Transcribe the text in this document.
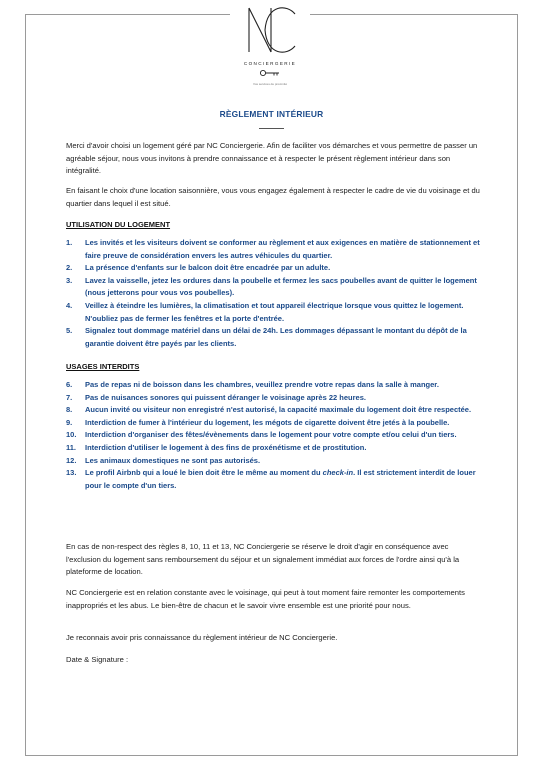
CONCIERGERIE
Vos services de proximité
RÈGLEMENT INTÉRIEUR

Merci d'avoir choisi un logement géré par NC Conciergerie. Afin de faciliter vos démarches et vous permettre de passer un agréable séjour, nous vous invitons à prendre connaissance et à respecter le présent règlement intérieur dans son intégralité.

En faisant le choix d'une location saisonnière, vous vous engagez également à respecter le cadre de vie du voisinage et du quartier dans lequel il est situé.

UTILISATION DU LOGEMENT
1. Les invités et les visiteurs doivent se conformer au règlement et aux exigences en matière de stationnement et faire preuve de considération envers les autres véhicules du quartier.
2. La présence d'enfants sur le balcon doit être encadrée par un adulte.
3. Lavez la vaisselle, jetez les ordures dans la poubelle et fermez les sacs poubelles avant de quitter le logement (nous jetterons pour vous vos poubelles).
4. Veillez à éteindre les lumières, la climatisation et tout appareil électrique lorsque vous quittez le logement. N'oubliez pas de fermer les fenêtres et la porte d'entrée.
5. Signalez tout dommage matériel dans un délai de 24h. Les dommages dépassant le montant du dépôt de la garantie doivent être payés par les clients.
USAGES INTERDITS
6. Pas de repas ni de boisson dans les chambres, veuillez prendre votre repas dans la salle à manger.
7. Pas de nuisances sonores qui puissent déranger le voisinage après 22 heures.
8. Aucun invité ou visiteur non enregistré n'est autorisé, la capacité maximale du logement doit être respectée.
9. Interdiction de fumer à l'intérieur du logement, les mégots de cigarette doivent être jetés à la poubelle.
10. Interdiction d'organiser des fêtes/évènements dans le logement pour votre compte et/ou celui d'un tiers.
11. Interdiction d'utiliser le logement à des fins de proxénétisme et de prostitution.
12. Les animaux domestiques ne sont pas autorisés.
13. Le profil Airbnb qui a loué le bien doit être le même au moment du check-in. Il est strictement interdit de louer pour le compte d'un tiers.

En cas de non-respect des règles 8, 10, 11 et 13, NC Conciergerie se réserve le droit d'agir en conséquence avec l'exclusion du logement sans remboursement du séjour et un signalement immédiat aux forces de l'ordre ainsi qu'à la plateforme de location.

NC Conciergerie est en relation constante avec le voisinage, qui peut à tout moment faire remonter les comportements inappropriés et les abus. Le bien-être de chacun et le savoir vivre ensemble est une priorité pour nous.

Je reconnais avoir pris connaissance du règlement intérieur de NC Conciergerie.

Date & Signature :
